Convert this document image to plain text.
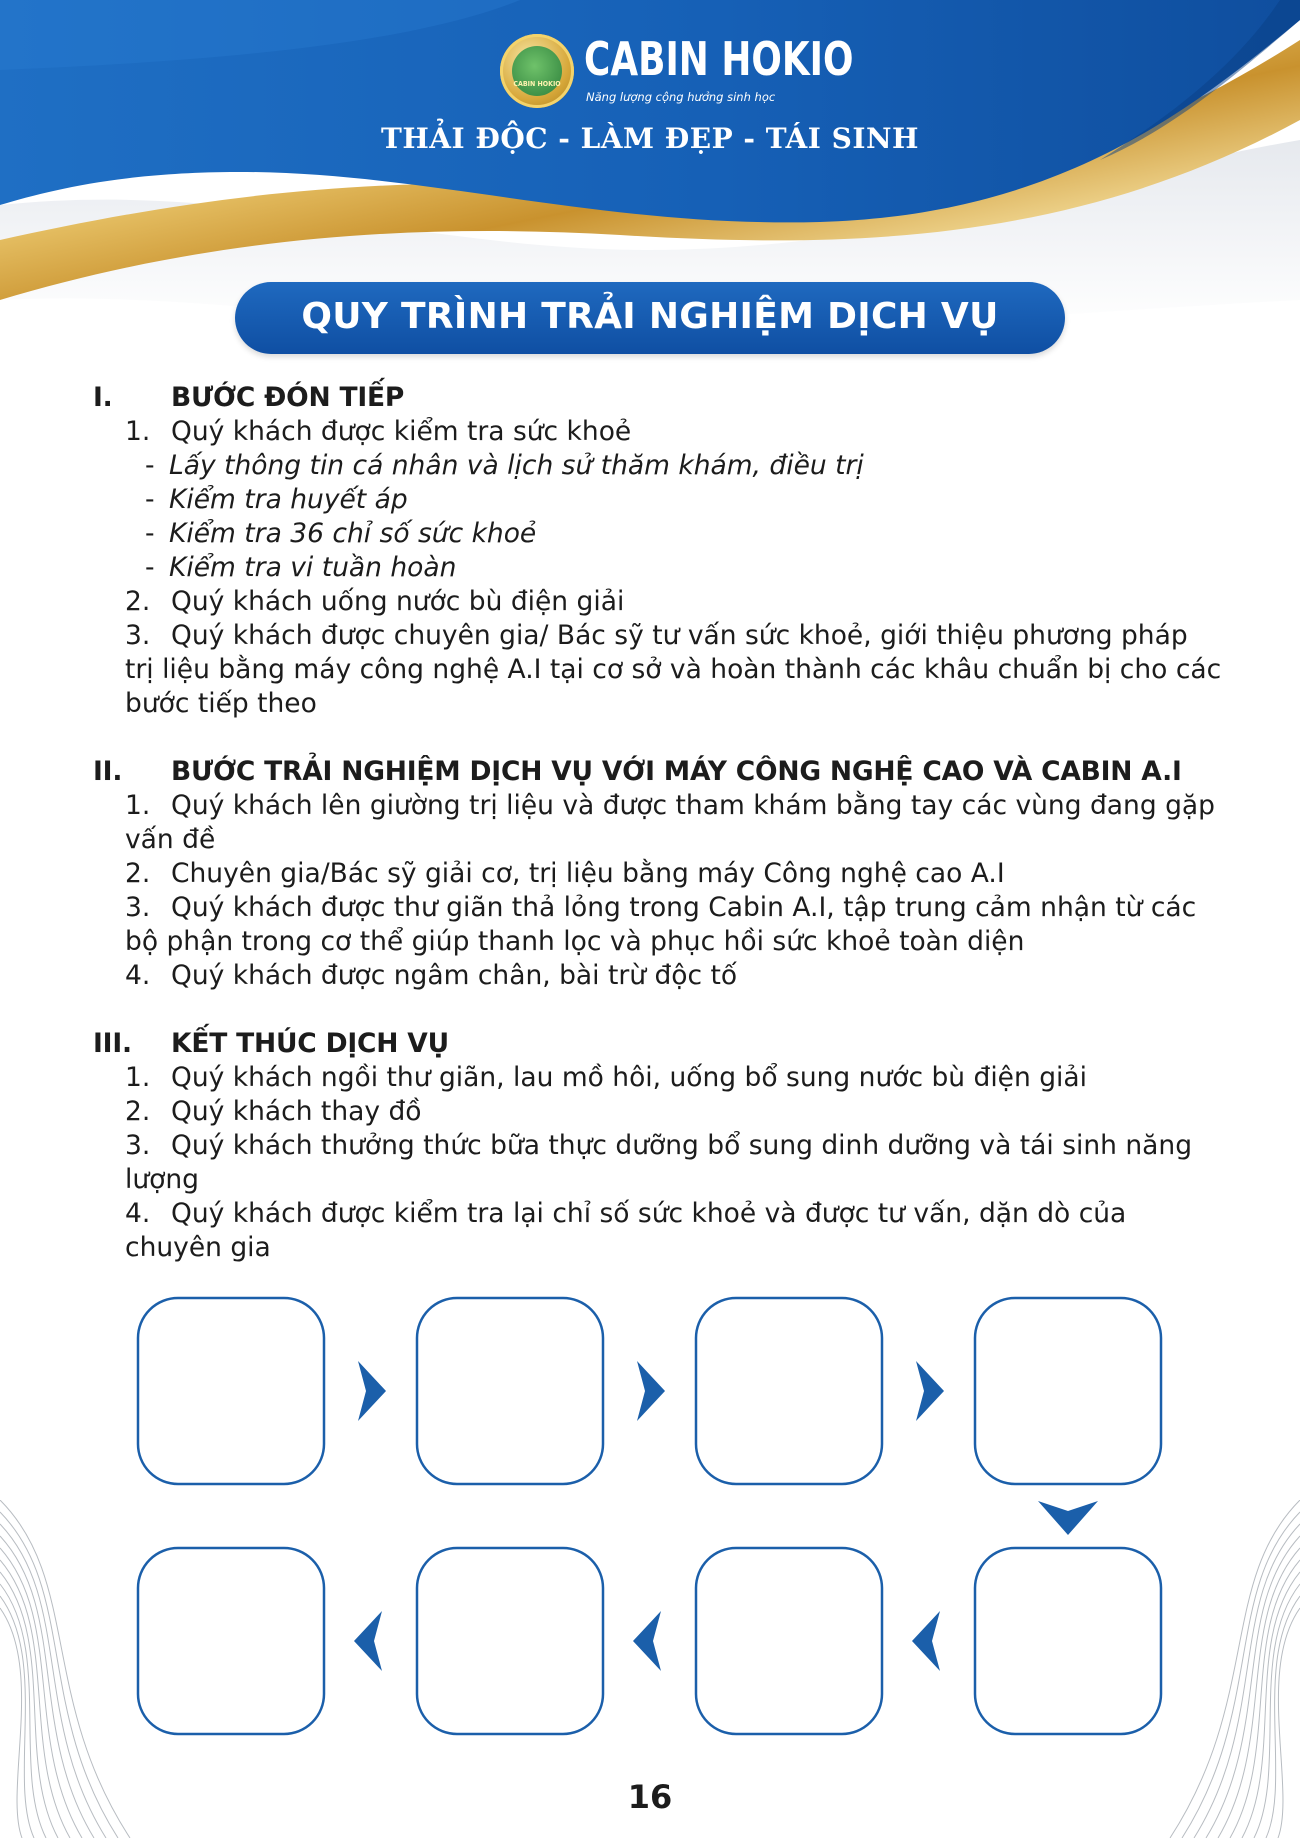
CABIN HOKIO CABIN HOKIO
Năng lượng cộng hưởng sinh học
THẢI ĐỘC - LÀM ĐẸP - TÁI SINH
QUY TRÌNH TRẢI NGHIỆM DỊCH VỤ
I.	BƯỚC ĐÓN TIẾP
1. Quý khách được kiểm tra sức khoẻ
- Lấy thông tin cá nhân và lịch sử thăm khám, điều trị
- Kiểm tra huyết áp
- Kiểm tra 36 chỉ số sức khoẻ
- Kiểm tra vi tuần hoàn
2. Quý khách uống nước bù điện giải
3. Quý khách được chuyên gia/ Bác sỹ tư vấn sức khoẻ, giới thiệu phương pháp trị liệu bằng máy công nghệ A.I tại cơ sở và hoàn thành các khâu chuẩn bị cho các bước tiếp theo
II.	BƯỚC TRẢI NGHIỆM DỊCH VỤ VỚI MÁY CÔNG NGHỆ CAO VÀ CABIN A.I
1. Quý khách lên giường trị liệu và được tham khám bằng tay các vùng đang gặp vấn đề
2. Chuyên gia/Bác sỹ giải cơ, trị liệu bằng máy Công nghệ cao A.I
3. Quý khách được thư giãn thả lỏng trong Cabin A.I, tập trung cảm nhận từ các bộ phận trong cơ thể giúp thanh lọc và phục hồi sức khoẻ toàn diện
4. Quý khách được ngâm chân, bài trừ độc tố
III.	KẾT THÚC DỊCH VỤ
1. Quý khách ngồi thư giãn, lau mồ hôi, uống bổ sung nước bù điện giải
2. Quý khách thay đồ
3. Quý khách thưởng thức bữa thực dưỡng bổ sung dinh dưỡng và tái sinh năng lượng
4. Quý khách được kiểm tra lại chỉ số sức khoẻ và được tư vấn, dặn dò của chuyên gia
16
